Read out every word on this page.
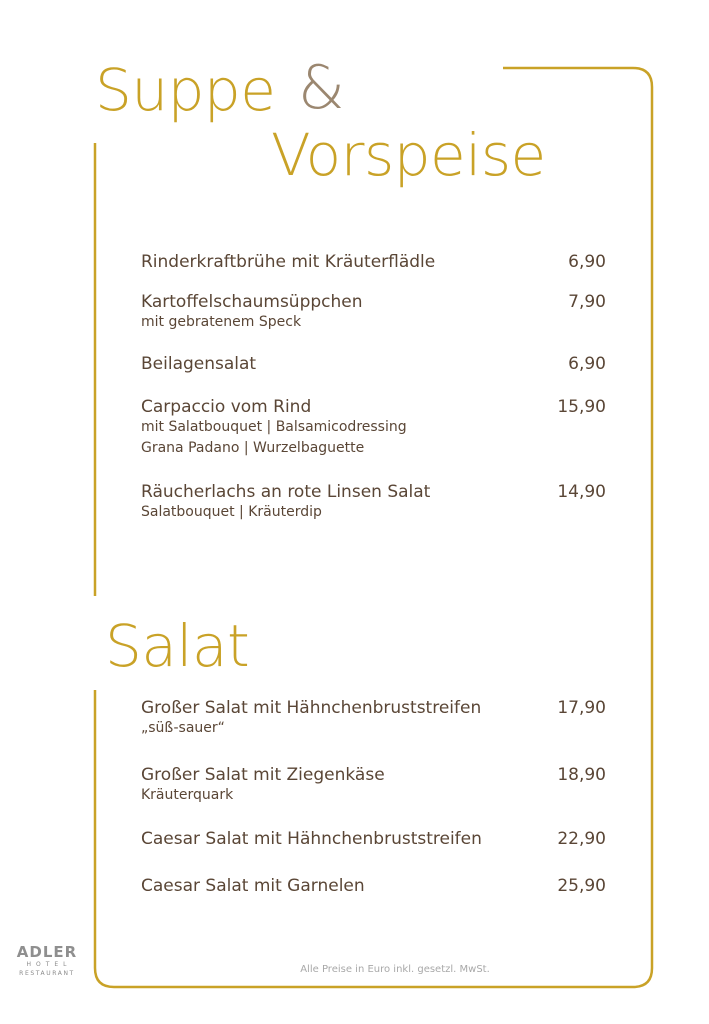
Suppe &
Vorspeise
Rinderkraftbrühe mit Kräuterflädle	6,90
Kartoffelschaumsüppchen	7,90
mit gebratenem Speck
Beilagensalat	6,90
Carpaccio vom Rind	15,90
mit Salatbouquet | Balsamicodressing
Grana Padano | Wurzelbaguette
Räucherlachs an rote Linsen Salat	14,90
Salatbouquet | Kräuterdip
Salat
Großer Salat mit Hähnchenbruststreifen	17,90
„süß-sauer“
Großer Salat mit Ziegenkäse	18,90
Kräuterquark
Caesar Salat mit Hähnchenbruststreifen	22,90
Caesar Salat mit Garnelen	25,90
Alle Preise in Euro inkl. gesetzl. MwSt.
ADLER
HOTEL
RESTAURANT
